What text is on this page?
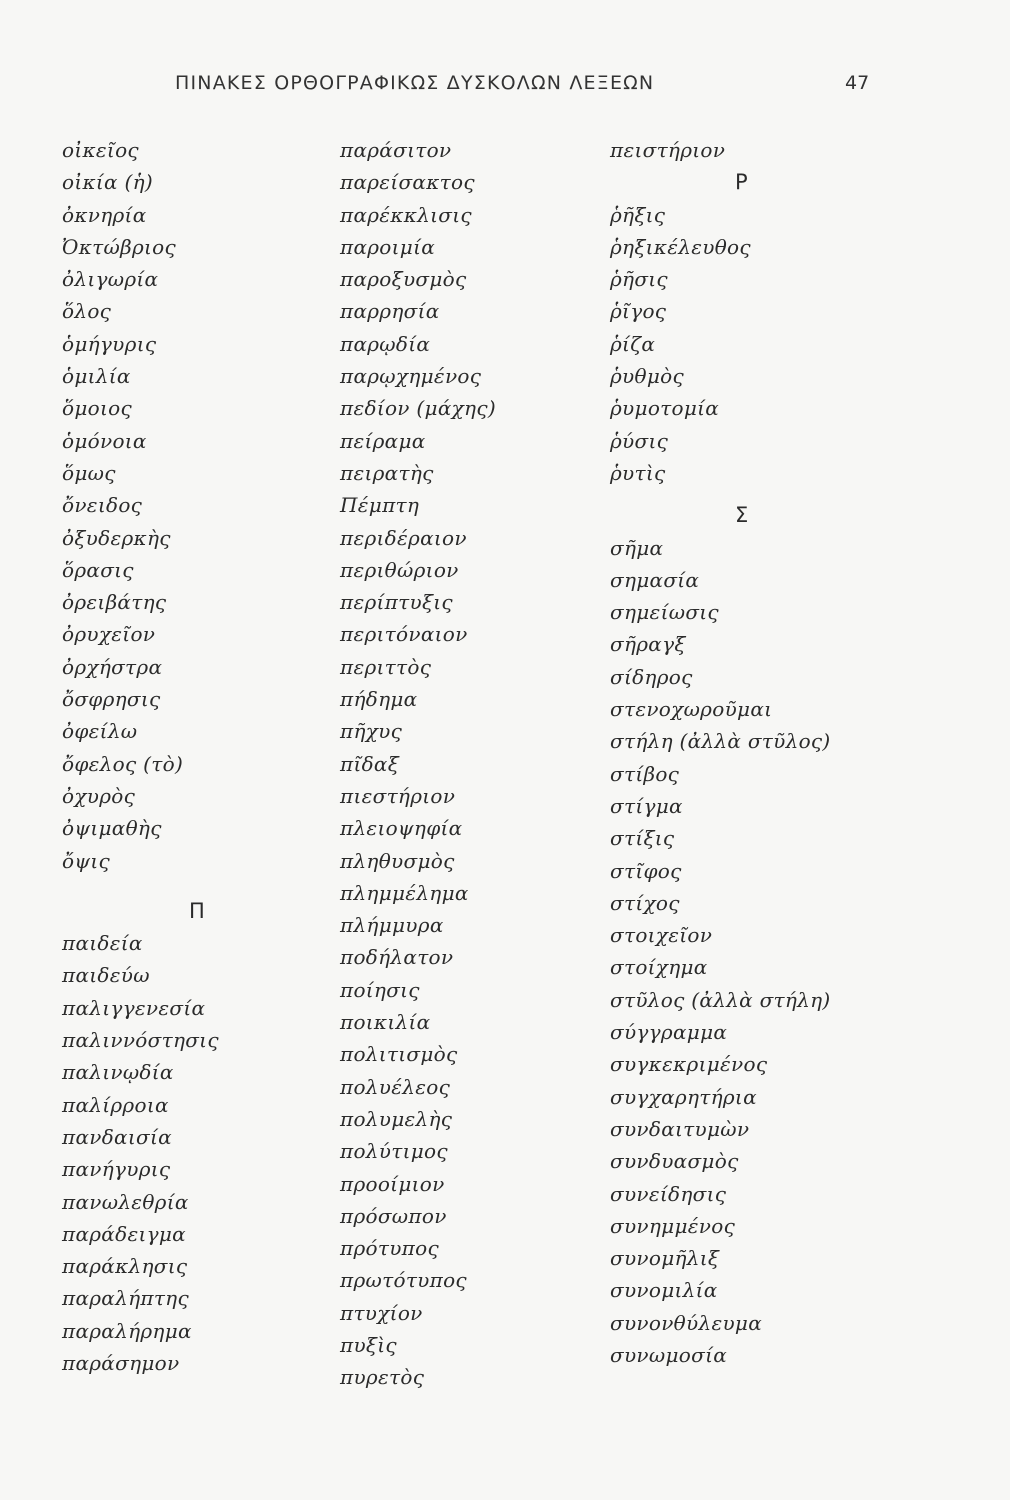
ΠΙΝΑΚΕΣ ΟΡΘΟΓΡΑΦΙΚΩΣ ΔΥΣΚΟΛΩΝ ΛΕΞΕΩΝ	47
οἰκεῖος
οἰκία (ἡ)
ὀκνηρία
Ὀκτώβριος
ὀλιγωρία
ὅλος
ὁμήγυρις
ὁμιλία
ὅμοιος
ὁμόνοια
ὅμως
ὄνειδος
ὀξυδερκὴς
ὅρασις
ὀρειβάτης
ὀρυχεῖον
ὀρχήστρα
ὄσφρησις
ὀφείλω
ὄφελος (τὸ)
ὀχυρὸς
ὀψιμαθὴς
ὄψις
Π
παιδεία
παιδεύω
παλιγγενεσία
παλιννόστησις
παλινῳδία
παλίρροια
πανδαισία
πανήγυρις
πανωλεθρία
παράδειγμα
παράκλησις
παραλήπτης
παραλήρημα
παράσημον
παράσιτον
παρείσακτος
παρέκκλισις
παροιμία
παροξυσμὸς
παρρησία
παρῳδία
παρῳχημένος
πεδίον (μάχης)
πείραμα
πειρατὴς
Πέμπτη
περιδέραιον
περιθώριον
περίπτυξις
περιτόναιον
περιττὸς
πήδημα
πῆχυς
πῖδαξ
πιεστήριον
πλειοψηφία
πληθυσμὸς
πλημμέλημα
πλήμμυρα
ποδήλατον
ποίησις
ποικιλία
πολιτισμὸς
πολυέλεος
πολυμελὴς
πολύτιμος
προοίμιον
πρόσωπον
πρότυπος
πρωτότυπος
πτυχίον
πυξὶς
πυρετὸς
πειστήριον
Ρ
ῥῆξις
ῥηξικέλευθος
ῥῆσις
ῥῖγος
ῥίζα
ῥυθμὸς
ῥυμοτομία
ῥύσις
ῥυτὶς
Σ
σῆμα
σημασία
σημείωσις
σῆραγξ
σίδηρος
στενοχωροῦμαι
στήλη (ἀλλὰ στῦλος)
στίβος
στίγμα
στίξις
στῖφος
στίχος
στοιχεῖον
στοίχημα
στῦλος (ἀλλὰ στήλη)
σύγγραμμα
συγκεκριμένος
συγχαρητήρια
συνδαιτυμὼν
συνδυασμὸς
συνείδησις
συνημμένος
συνομῆλιξ
συνομιλία
συνονθύλευμα
συνωμοσία
